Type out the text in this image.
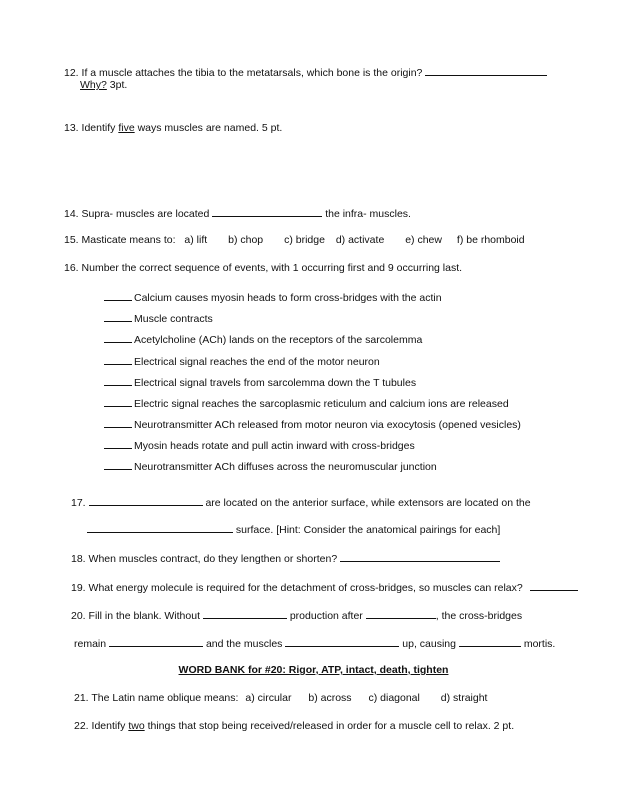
12. If a muscle attaches the tibia to the metatarsals, which bone is the origin?
Why? 3pt.
13. Identify five ways muscles are named. 5 pt.
14. Supra- muscles are located	the infra- muscles.
15. Masticate means to: a) lift b) chop c) bridge d) activate e) chew f) be rhomboid
16. Number the correct sequence of events, with 1 occurring first and 9 occurring last.
Calcium causes myosin heads to form cross-bridges with the actin
Muscle contracts
Acetylcholine (ACh) lands on the receptors of the sarcolemma
Electrical signal reaches the end of the motor neuron
Electrical signal travels from sarcolemma down the T tubules
Electric signal reaches the sarcoplasmic reticulum and calcium ions are released
Neurotransmitter ACh released from motor neuron via exocytosis (opened vesicles)
Myosin heads rotate and pull actin inward with cross-bridges
Neurotransmitter ACh diffuses across the neuromuscular junction
17.	are located on the anterior surface, while extensors are located on the
surface. [Hint: Consider the anatomical pairings for each]
18. When muscles contract, do they lengthen or shorten?
19. What energy molecule is required for the detachment of cross-bridges, so muscles can relax?
20. Fill in the blank. Without	production after	, the cross-bridges
remain	and the muscles	up, causing	mortis.
WORD BANK for #20: Rigor, ATP, intact, death, tighten
21. The Latin name oblique means: a) circular b) across c) diagonal d) straight
22. Identify two things that stop being received/released in order for a muscle cell to relax. 2 pt.
